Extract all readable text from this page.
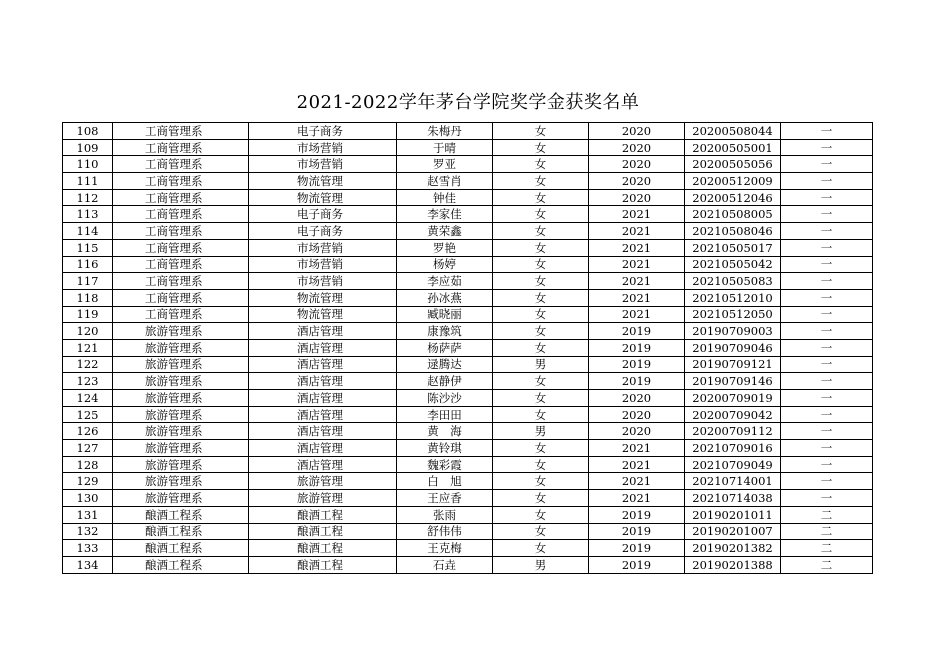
2021-2022学年茅台学院奖学金获奖名单
108	工商管理系	电子商务	朱梅丹	女	2020	20200508044	一
109	工商管理系	市场营销	于晴	女	2020	20200505001	一
110	工商管理系	市场营销	罗亚	女	2020	20200505056	一
111	工商管理系	物流管理	赵雪肖	女	2020	20200512009	一
112	工商管理系	物流管理	钟佳	女	2020	20200512046	一
113	工商管理系	电子商务	李家佳	女	2021	20210508005	一
114	工商管理系	电子商务	黄荣鑫	女	2021	20210508046	一
115	工商管理系	市场营销	罗艳	女	2021	20210505017	一
116	工商管理系	市场营销	杨婷	女	2021	20210505042	一
117	工商管理系	市场营销	李应茹	女	2021	20210505083	一
118	工商管理系	物流管理	孙冰燕	女	2021	20210512010	一
119	工商管理系	物流管理	臧晓丽	女	2021	20210512050	一
120	旅游管理系	酒店管理	康豫筑	女	2019	20190709003	一
121	旅游管理系	酒店管理	杨萨萨	女	2019	20190709046	一
122	旅游管理系	酒店管理	逯腾达	男	2019	20190709121	一
123	旅游管理系	酒店管理	赵静伊	女	2019	20190709146	一
124	旅游管理系	酒店管理	陈沙沙	女	2020	20200709019	一
125	旅游管理系	酒店管理	李田田	女	2020	20200709042	一
126	旅游管理系	酒店管理	黄　海	男	2020	20200709112	一
127	旅游管理系	酒店管理	黄铃琪	女	2021	20210709016	一
128	旅游管理系	酒店管理	魏彩霞	女	2021	20210709049	一
129	旅游管理系	旅游管理	白　旭	女	2021	20210714001	一
130	旅游管理系	旅游管理	王应香	女	2021	20210714038	一
131	酿酒工程系	酿酒工程	张雨	女	2019	20190201011	二
132	酿酒工程系	酿酒工程	舒伟伟	女	2019	20190201007	二
133	酿酒工程系	酿酒工程	王克梅	女	2019	20190201382	二
134	酿酒工程系	酿酒工程	石垚	男	2019	20190201388	二
